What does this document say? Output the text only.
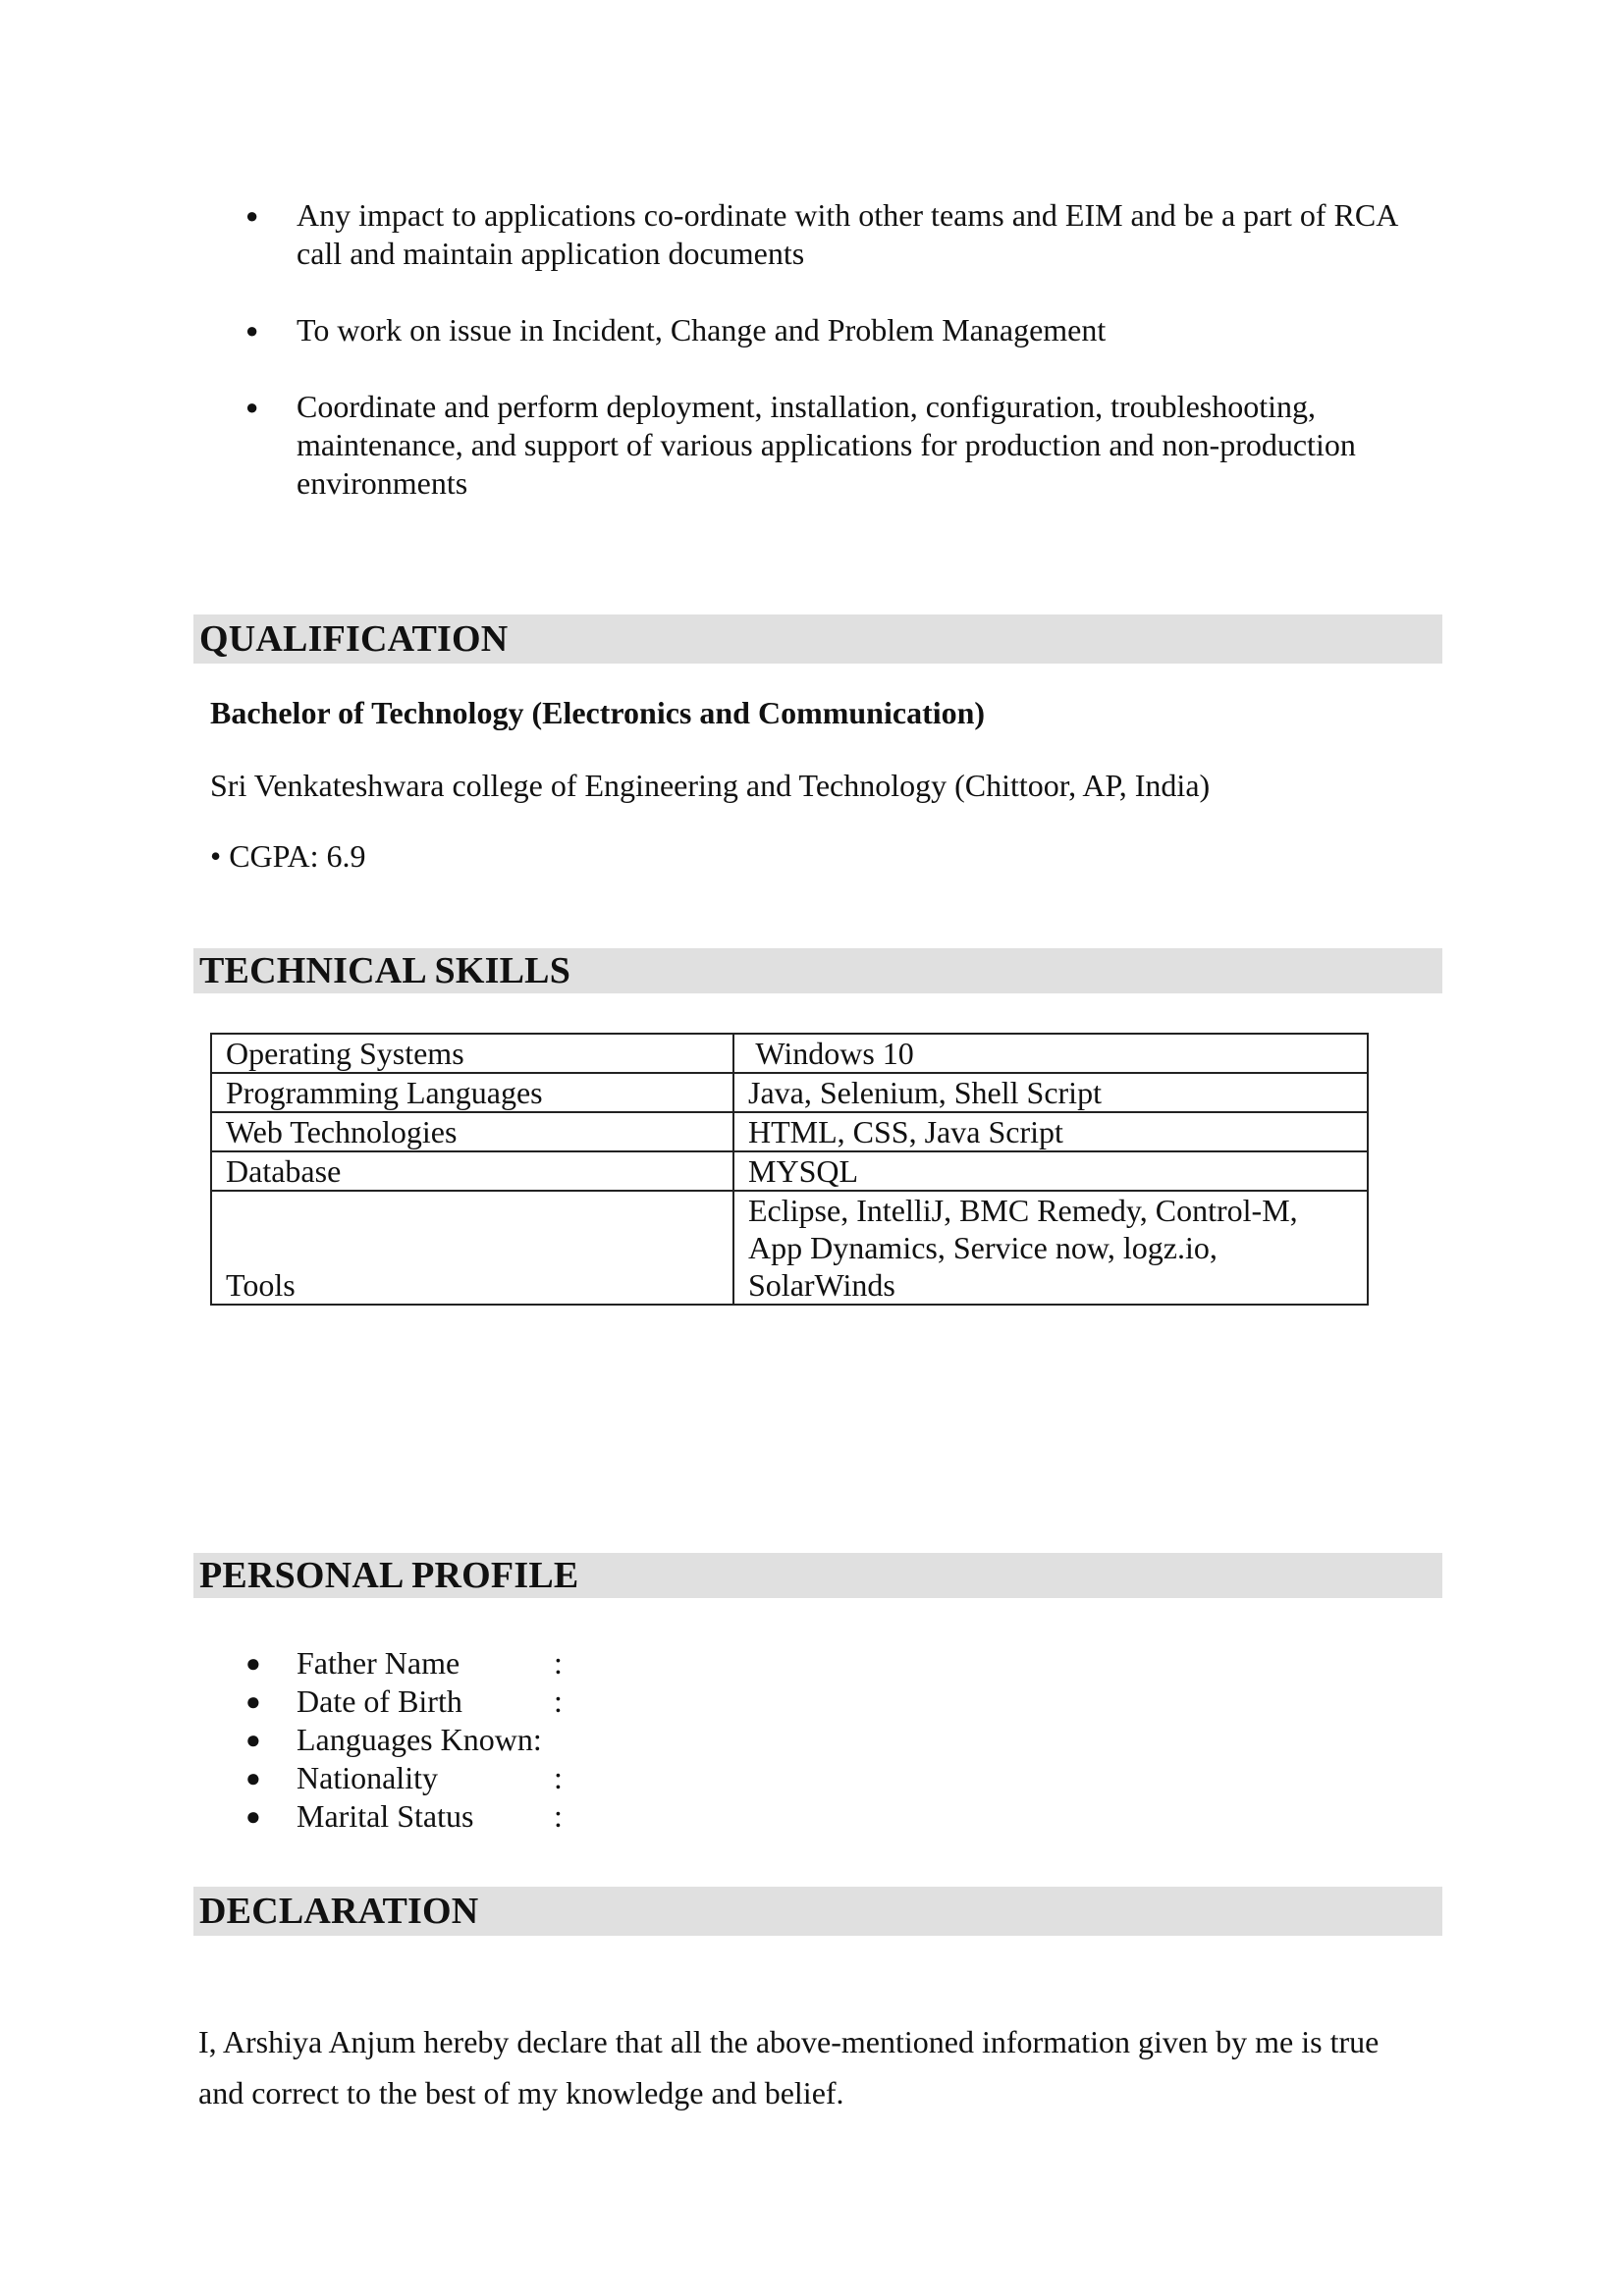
● Any impact to applications co-ordinate with other teams and EIM and be a part of RCA call and maintain application documents
● To work on issue in Incident, Change and Problem Management
● Coordinate and perform deployment, installation, configuration, troubleshooting, maintenance, and support of various applications for production and non-production environments
QUALIFICATION
Bachelor of Technology (Electronics and Communication)
Sri Venkateshwara college of Engineering and Technology (Chittoor, AP, India)
• CGPA: 6.9
TECHNICAL SKILLS
Operating Systems	Windows 10
Programming Languages	Java, Selenium, Shell Script
Web Technologies	HTML, CSS, Java Script
Database	MYSQL
Tools	Eclipse, IntelliJ, BMC Remedy, Control-M, App Dynamics, Service now, logz.io, SolarWinds
PERSONAL PROFILE
● Father Name	:
● Date of Birth	:
● Languages Known:
● Nationality	:
● Marital Status	:
DECLARATION
I, Arshiya Anjum hereby declare that all the above-mentioned information given by me is true and correct to the best of my knowledge and belief.
